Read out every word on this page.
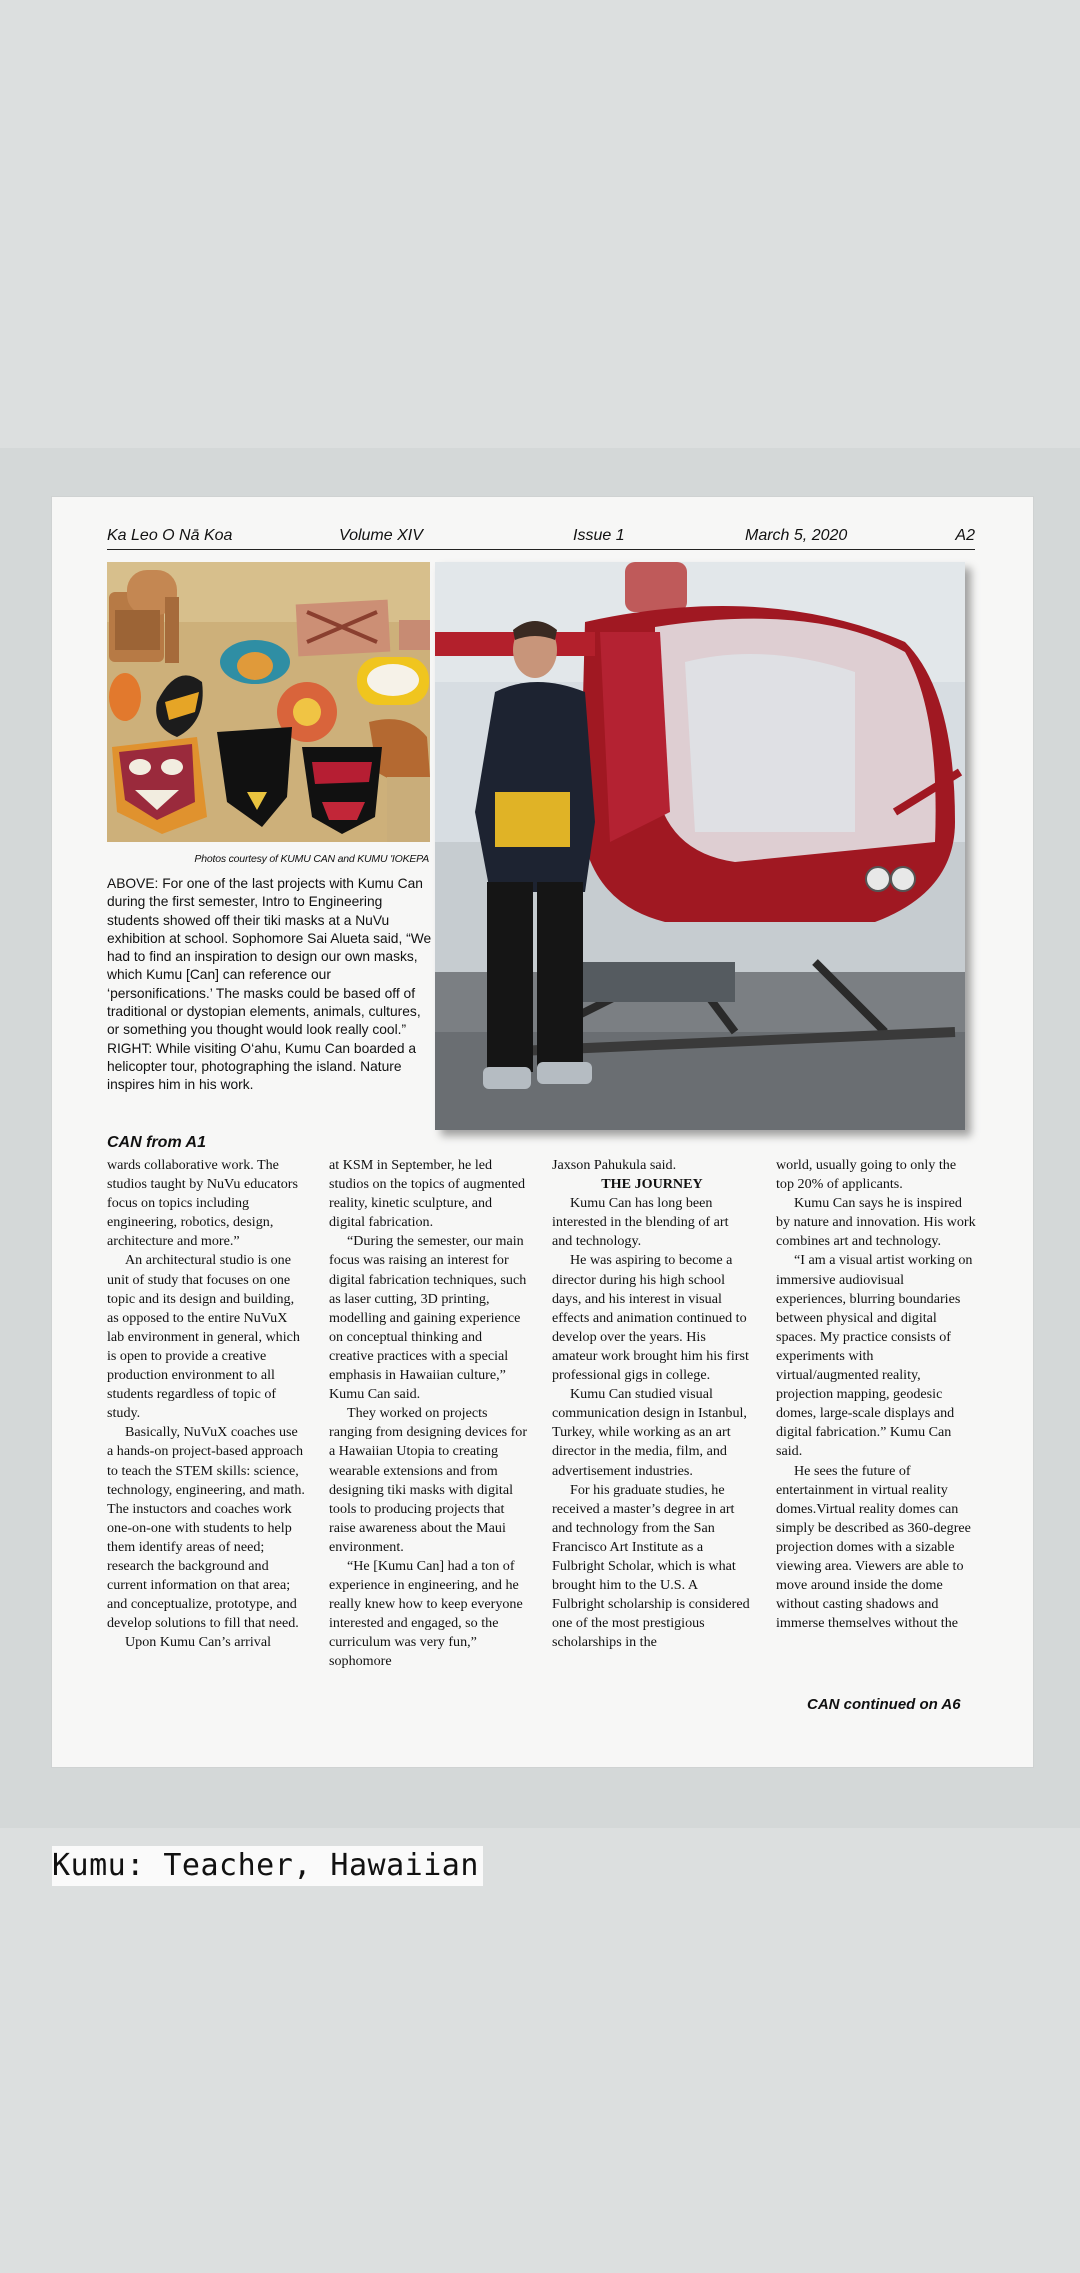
Ka Leo O Nā Koa	Volume XIV	Issue 1	March 5, 2020	A2
Photos courtesy of KUMU CAN and KUMU 'IOKEPA
ABOVE: For one of the last projects with Kumu Can during the first semester, Intro to Engineering students showed off their tiki masks at a NuVu exhibition at school. Sophomore Sai Alueta said, “We had to find an inspiration to design our own masks, which Kumu [Can] can reference our ‘personifications.’ The masks could be based off of traditional or dystopian elements, animals, cultures, or something you thought would look really cool.” RIGHT: While visiting O‘ahu, Kumu Can boarded a helicopter tour, photographing the island. Nature inspires him in his work.
CAN from A1

wards collaborative work. The studios taught by NuVu educators focus on topics including engineering, robotics, design, architecture and more.”

An architectural studio is one unit of study that focuses on one topic and its design and building, as opposed to the entire NuVuX lab environment in general, which is open to provide a creative production environment to all students regardless of topic of study.

Basically, NuVuX coaches use a hands-on project-based approach to teach the STEM skills: science, technology, engineering, and math. The instuctors and coaches work one-on-one with students to help them identify areas of need; research the background and current information on that area; and conceptualize, prototype, and develop solutions to fill that need.

Upon Kumu Can’s arrival

at KSM in September, he led studios on the topics of augmented reality, kinetic sculpture, and digital fabrication.

“During the semester, our main focus was raising an interest for digital fabrication techniques, such as laser cutting, 3D printing, modelling and gaining experience on conceptual thinking and creative practices with a special emphasis in Hawaiian culture,” Kumu Can said.

They worked on projects ranging from designing devices for a Hawaiian Utopia to creating wearable extensions and from designing tiki masks with digital tools to producing projects that raise awareness about the Maui environment.

“He [Kumu Can] had a ton of experience in engineering, and he really knew how to keep everyone interested and engaged, so the curriculum was very fun,” sophomore

Jaxson Pahukula said.

THE JOURNEY

Kumu Can has long been interested in the blending of art and technology.

He was aspiring to become a director during his high school days, and his interest in visual effects and animation continued to develop over the years. His amateur work brought him his first professional gigs in college.

Kumu Can studied visual communication design in Istanbul, Turkey, while working as an art director in the media, film, and advertisement industries.

For his graduate studies, he received a master’s degree in art and technology from the San Francisco Art Institute as a Fulbright Scholar, which is what brought him to the U.S. A Fulbright scholarship is considered one of the most prestigious scholarships in the

world, usually going to only the top 20% of applicants.

Kumu Can says he is inspired by nature and innovation. His work combines art and technology.

“I am a visual artist working on immersive audiovisual experiences, blurring boundaries between physical and digital spaces. My practice consists of experiments with virtual/augmented reality, projection mapping, geodesic domes, large-scale displays and digital fabrication.” Kumu Can said.

He sees the future of entertainment in virtual reality domes.Virtual reality domes can simply be described as 360-degree projection domes with a sizable viewing area. Viewers are able to move around inside the dome without casting shadows and immerse themselves without the

CAN continued on A6
Kumu: Teacher, Hawaiian
